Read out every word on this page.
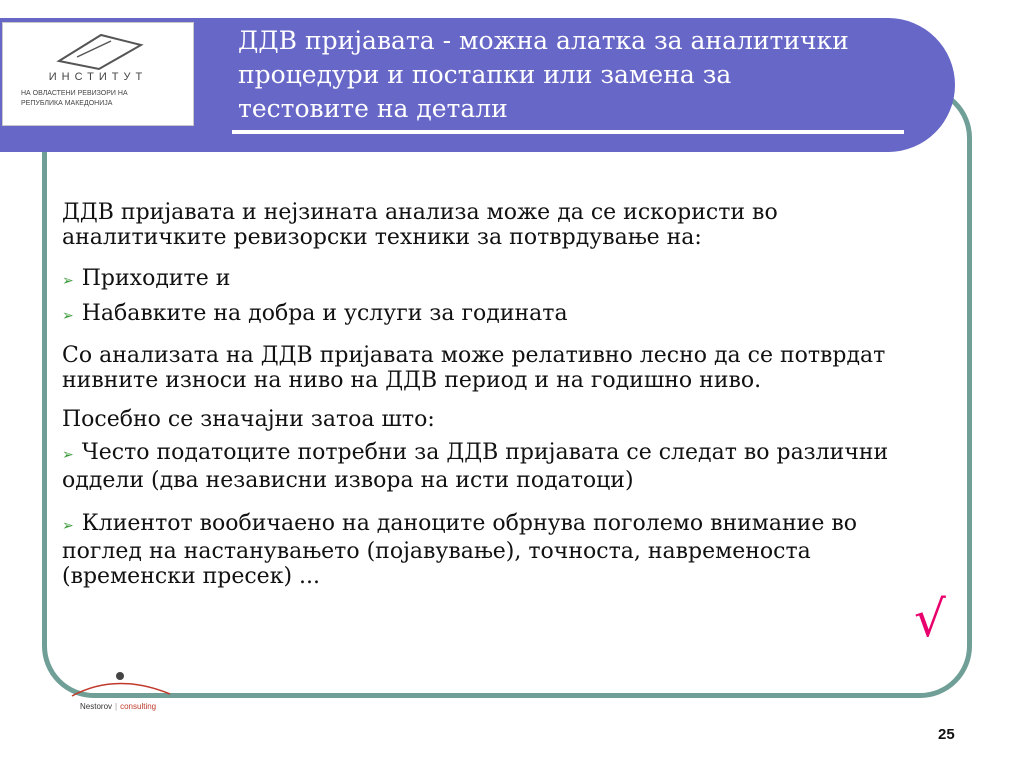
ДДВ пријавата - можна алатка за аналитички
процедури и постапки или замена за
тестовите на детали
ИНСТИТУТ
НА ОВЛАСТЕНИ РЕВИЗОРИ НА
РЕПУБЛИКА МАКЕДОНИЈА

ДДВ пријавата и нејзината анализа може да се искористи во аналитичките ревизорски техники за потврдување на:

➢ Приходите и
➢ Набавките на добра и услуги за годината

Со анализата на ДДВ пријавата може релативно лесно да се потврдат нивните износи на ниво на ДДВ период и на годишно ниво.

Посебно се значајни затоа што:

➢ Често податоците потребни за ДДВ пријавата се следат во различни оддели (два независни извора на исти податоци)

➢ Клиентот вообичаено на даноците обрнува поголемо внимание во поглед на настанувањето (појавување), точноста, навременоста (временски пресек) ...

√
Nestorov | consulting
25
